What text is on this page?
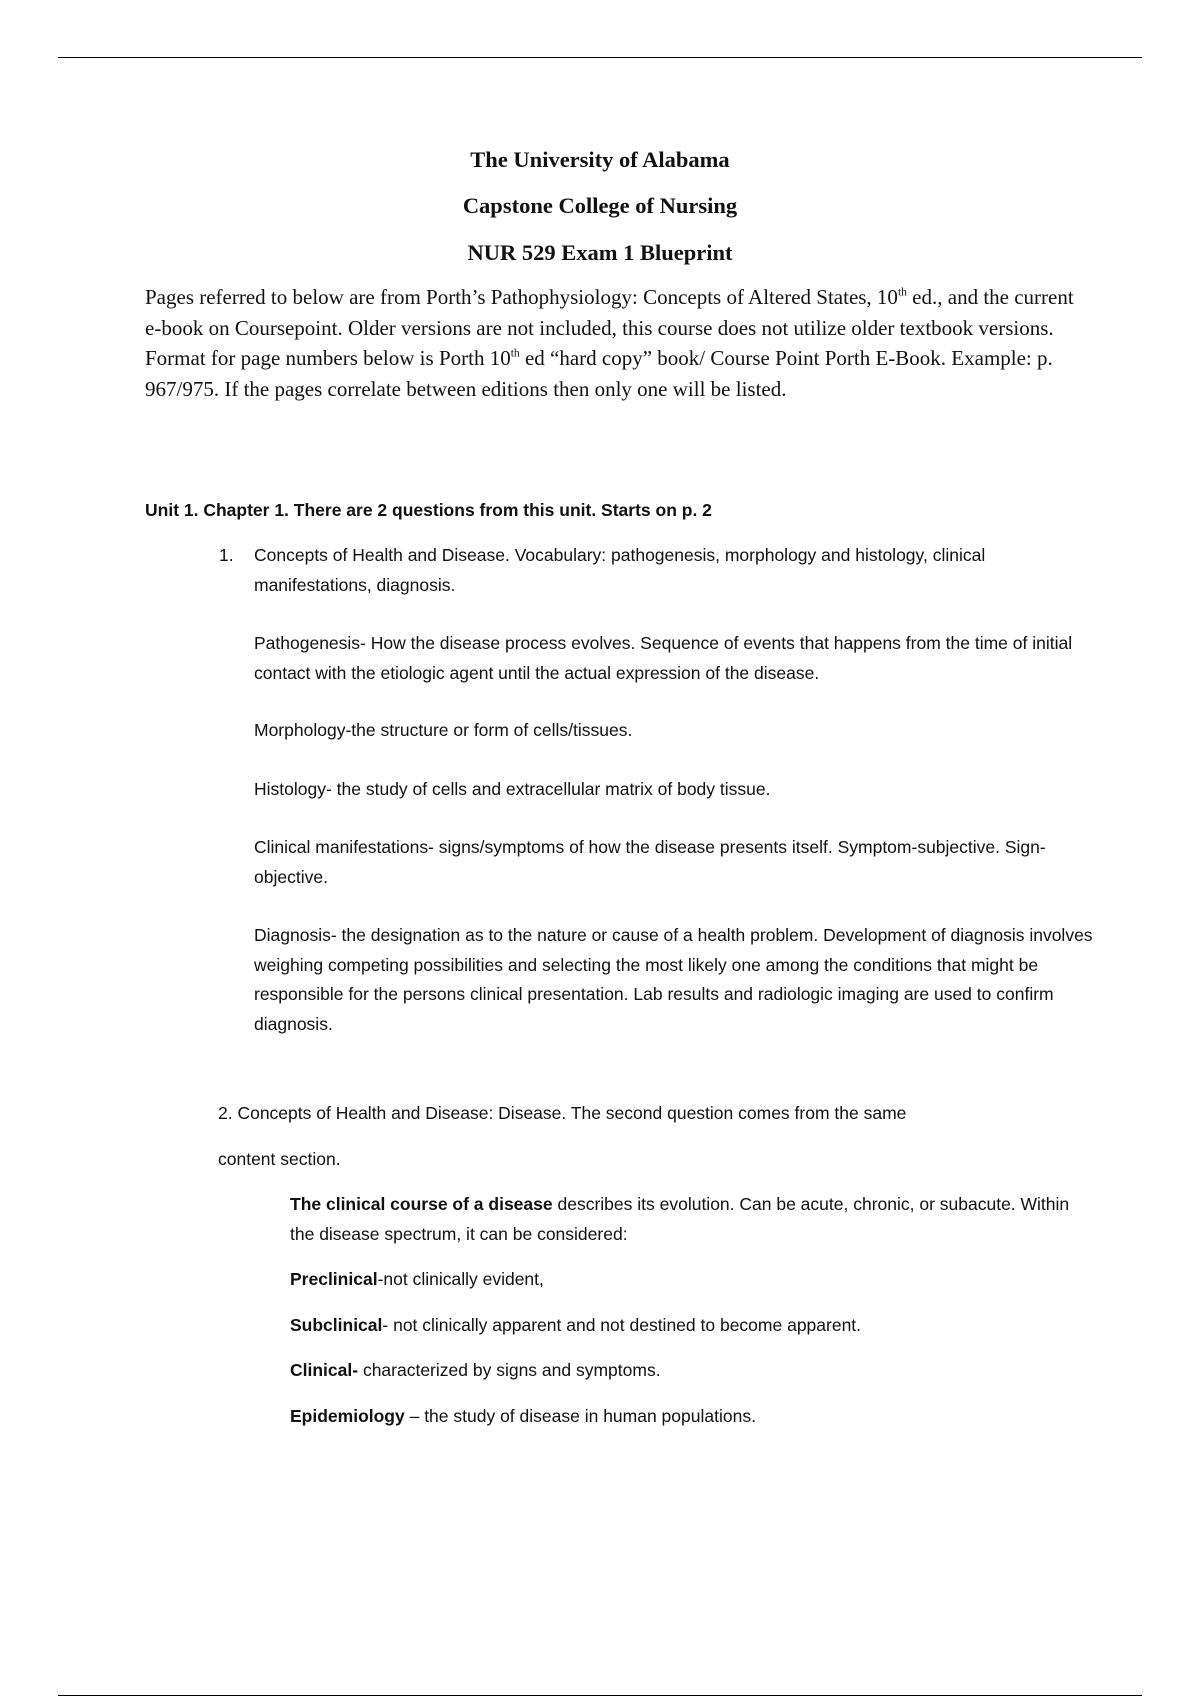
The University of Alabama
Capstone College of Nursing
NUR 529 Exam 1 Blueprint

Pages referred to below are from Porth’s Pathophysiology: Concepts of Altered States, 10th ed., and the current e-book on Coursepoint. Older versions are not included, this course does not utilize older textbook versions. Format for page numbers below is Porth 10th ed “hard copy” book/ Course Point Porth E-Book. Example: p. 967/975. If the pages correlate between editions then only one will be listed.

Unit 1. Chapter 1. There are 2 questions from this unit. Starts on p. 2

1. Concepts of Health and Disease. Vocabulary: pathogenesis, morphology and histology, clinical manifestations, diagnosis.

Pathogenesis- How the disease process evolves. Sequence of events that happens from the time of initial contact with the etiologic agent until the actual expression of the disease.

Morphology-the structure or form of cells/tissues.

Histology- the study of cells and extracellular matrix of body tissue.

Clinical manifestations- signs/symptoms of how the disease presents itself. Symptom-subjective. Sign-objective.

Diagnosis- the designation as to the nature or cause of a health problem. Development of diagnosis involves weighing competing possibilities and selecting the most likely one among the conditions that might be responsible for the persons clinical presentation. Lab results and radiologic imaging are used to confirm diagnosis.

2. Concepts of Health and Disease: Disease. The second question comes from the same

content section.

The clinical course of a disease describes its evolution. Can be acute, chronic, or subacute. Within the disease spectrum, it can be considered:

Preclinical-not clinically evident,

Subclinical- not clinically apparent and not destined to become apparent.

Clinical- characterized by signs and symptoms.

Epidemiology – the study of disease in human populations.
